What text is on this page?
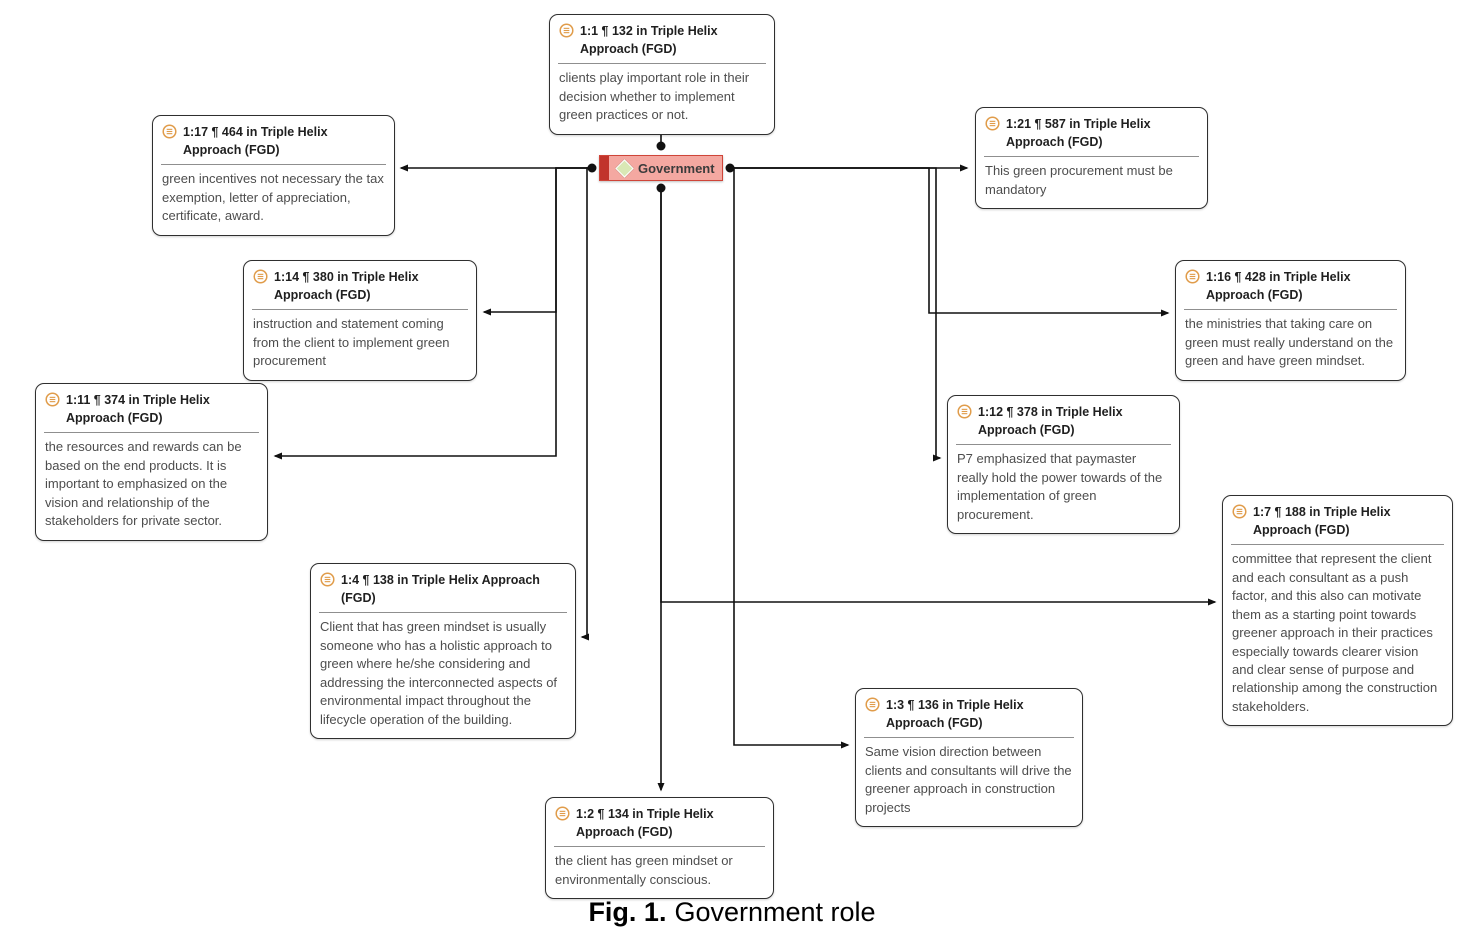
Government
1:1 ¶ 132 in Triple Helix Approach (FGD)
clients play important role in their decision whether to implement green practices or not.
1:17 ¶ 464 in Triple Helix Approach (FGD)
green incentives not necessary the tax exemption, letter of appreciation, certificate, award.
1:14 ¶ 380 in Triple Helix Approach (FGD)
instruction and statement coming from the client to implement green procurement
1:11 ¶ 374 in Triple Helix Approach (FGD)
the resources and rewards can be based on the end products. It is important to emphasized on the vision and relationship of the stakeholders for private sector.
1:4 ¶ 138 in Triple Helix Approach (FGD)
Client that has green mindset is usually someone who has a holistic approach to green where he/she considering and addressing the interconnected aspects of environmental impact throughout the lifecycle operation of the building.
1:2 ¶ 134 in Triple Helix Approach (FGD)
the client has green mindset or environmentally conscious.
1:3 ¶ 136 in Triple Helix Approach (FGD)
Same vision direction between clients and consultants will drive the greener approach in construction projects
1:21 ¶ 587 in Triple Helix Approach (FGD)
This green procurement must be mandatory
1:16 ¶ 428 in Triple Helix Approach (FGD)
the ministries that taking care on green must really understand on the green and have green mindset.
1:12 ¶ 378 in Triple Helix Approach (FGD)
P7 emphasized that paymaster really hold the power towards of the implementation of green procurement.	1:7 ¶ 188 in Triple Helix Approach (FGD)
committee that represent the client and each consultant as a push factor, and this also can motivate them as a starting point towards greener approach in their practices especially towards clearer vision and clear sense of purpose and relationship among the construction stakeholders.
Fig. 1. Government role
